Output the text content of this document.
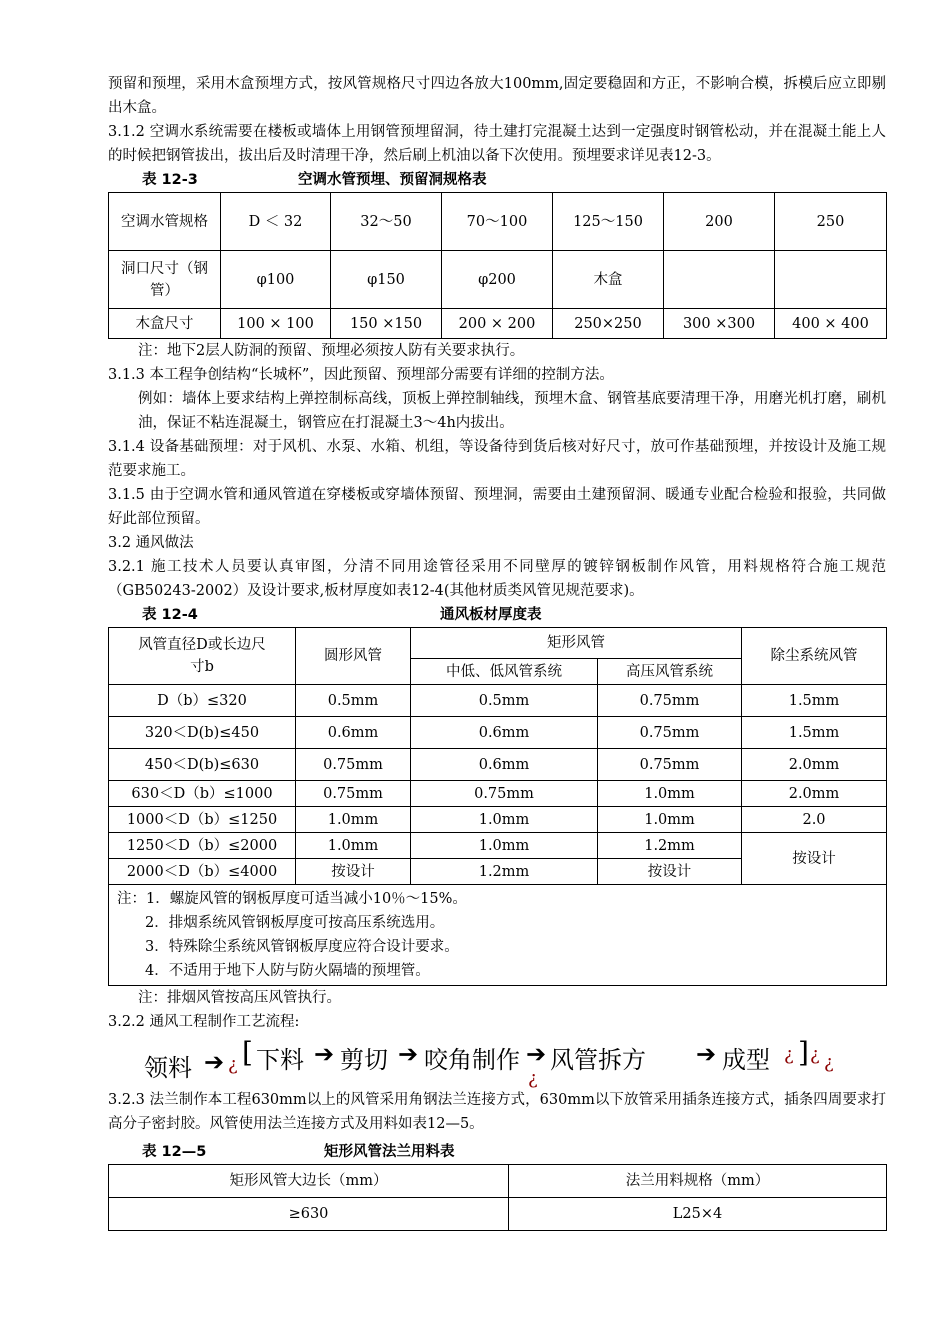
预留和预埋，采用木盒预埋方式，按风管规格尺寸四边各放大100mm,固定要稳固和方正，不影响合模，拆模后应立即剔出木盒。

3.1.2 空调水系统需要在楼板或墙体上用钢管预埋留洞，待土建打完混凝土达到一定强度时钢管松动，并在混凝土能上人的时候把钢管拔出，拔出后及时清理干净，然后刷上机油以备下次使用。预埋要求详见表12-3。

表 12-3	空调水管预埋、预留洞规格表
空调水管规格	D ＜ 32	32～50	70～100	125～150	200	250
洞口尺寸（钢管）	φ100	φ150	φ200	木盒		
木盒尺寸	100 × 100	150 ×150	200 × 200	250×250	300 ×300	400 × 400

注：地下2层人防洞的预留、预埋必须按人防有关要求执行。

3.1.3 本工程争创结构“长城杯”，因此预留、预埋部分需要有详细的控制方法。

例如：墙体上要求结构上弹控制标高线，顶板上弹控制轴线，预埋木盒、钢管基底要清理干净，用磨光机打磨，刷机油，保证不粘连混凝土，钢管应在打混凝土3～4h内拔出。

3.1.4 设备基础预埋：对于风机、水泵、水箱、机组，等设备待到货后核对好尺寸，放可作基础预埋，并按设计及施工规范要求施工。

3.1.5 由于空调水管和通风管道在穿楼板或穿墙体预留、预埋洞，需要由土建预留洞、暖通专业配合检验和报验，共同做好此部位预留。

3.2 通风做法

3.2.1 施工技术人员要认真审图，分清不同用途管径采用不同壁厚的镀锌钢板制作风管，用料规格符合施工规范（GB50243-2002）及设计要求,板材厚度如表12-4(其他材质类风管见规范要求)。

表 12-4	通风板材厚度表
风管直径D或长边尺寸b	圆形风管	矩形风管		除尘系统风管
		中低、低风管系统	高压风管系统	
D（b）≤320	0.5mm	0.5mm	0.75mm	1.5mm
320＜D(b)≤450	0.6mm	0.6mm	0.75mm	1.5mm
450＜D(b)≤630	0.75mm	0.6mm	0.75mm	2.0mm
630＜D（b）≤1000	0.75mm	0.75mm	1.0mm	2.0mm
1000＜D（b）≤1250	1.0mm	1.0mm	1.0mm	2.0
1250＜D（b）≤2000	1.0mm	1.0mm	1.2mm	按设计
2000＜D（b）≤4000	按设计	1.2mm	按设计	

注：1．螺旋风管的钢板厚度可适当减小10％～15%。
2．排烟系统风管钢板厚度可按高压系统选用。
3．特殊除尘系统风管钢板厚度应符合设计要求。
4．不适用于地下人防与防火隔墙的预埋管。				

注：排烟风管按高压风管执行。

3.2.2 通风工程制作工艺流程:

领料 ➔ ¿ [ 下料 ➔ 剪切 ➔ 咬角制作
¿
➔ 风管拆方 ➔ 成型 ¿ ] ¿ ¿

3.2.3 法兰制作本工程630mm以上的风管采用角钢法兰连接方式，630mm以下放管采用插条连接方式，插条四周要求打高分子密封胶。风管使用法兰连接方式及用料如表12—5。

表 12—5	矩形风管法兰用料表
矩形风管大边长（mm）	法兰用料规格（mm）
≥630	L25×4
